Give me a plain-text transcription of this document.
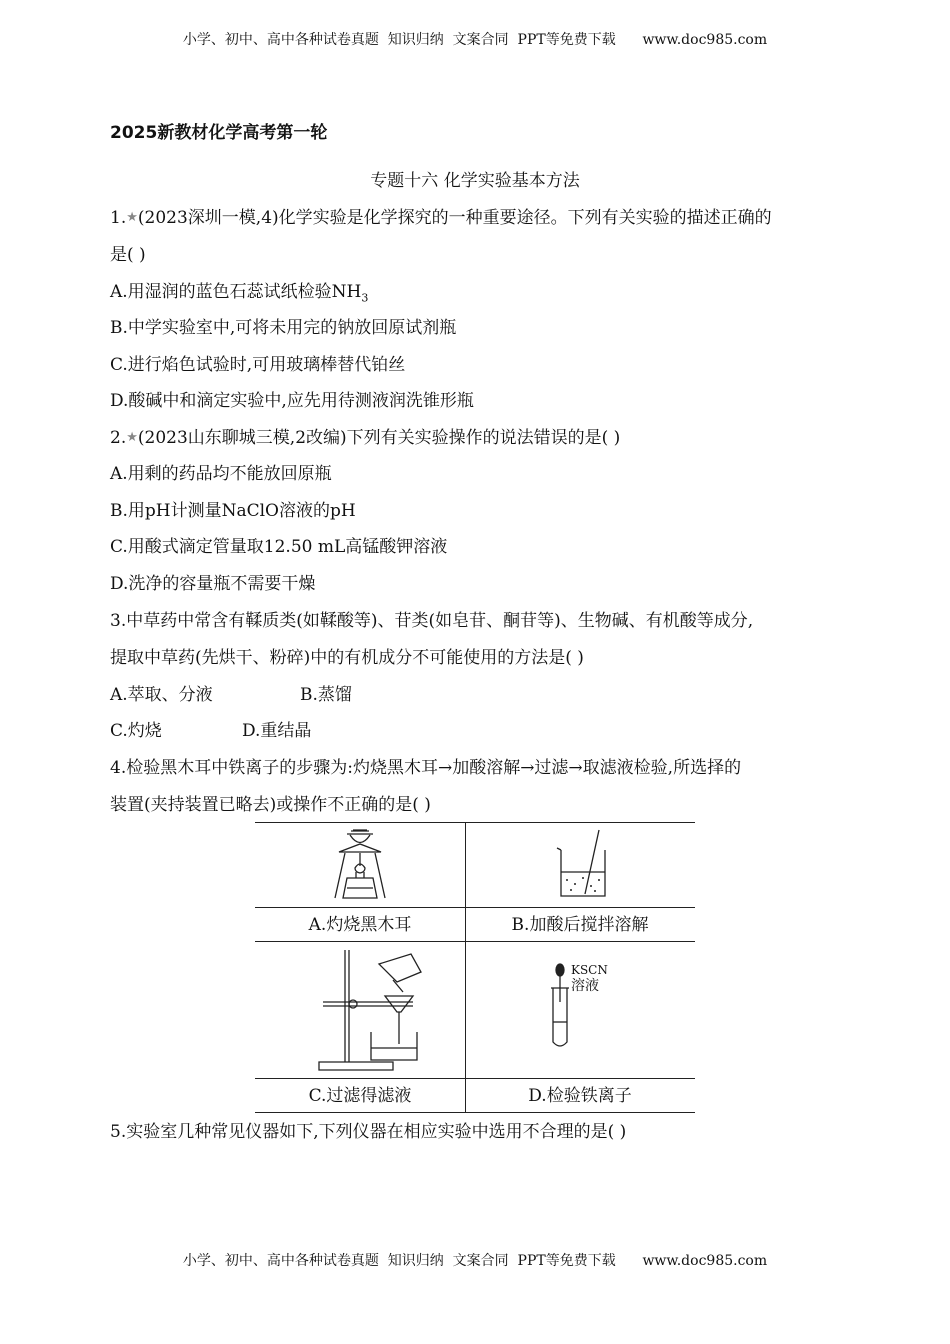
小学、初中、高中各种试卷真题  知识归纳  文案合同  PPT等免费下载      www.doc985.com
2025新教材化学高考第一轮
专题十六 化学实验基本方法
1.★(2023深圳一模,4)化学实验是化学探究的一种重要途径。下列有关实验的描述正确的
是( )
A.用湿润的蓝色石蕊试纸检验$NH_3$
B.中学实验室中,可将未用完的钠放回原试剂瓶
C.进行焰色试验时,可用玻璃棒替代铂丝
D.酸碱中和滴定实验中,应先用待测液润洗锥形瓶
2.★(2023山东聊城三模,2改编)下列有关实验操作的说法错误的是( )
A.用剩的药品均不能放回原瓶
B.用pH计测量NaClO溶液的pH
C.用酸式滴定管量取12.50 mL高锰酸钾溶液
D.洗净的容量瓶不需要干燥
3.中草药中常含有鞣质类(如鞣酸等)、苷类(如皂苷、酮苷等)、生物碱、有机酸等成分,
提取中草药(先烘干、粉碎)中的有机成分不可能使用的方法是( )
A.萃取、分液	B.蒸馏
C.灼烧	D.重结晶
4.检验黑木耳中铁离子的步骤为:灼烧黑木耳→加酸溶解→过滤→取滤液检验,所选择的
装置(夹持装置已略去)或操作不正确的是( )
KSCN
溶液
A.灼烧黑木耳	B.加酸后搅拌溶解
C.过滤得滤液	D.检验铁离子
5.实验室几种常见仪器如下,下列仪器在相应实验中选用不合理的是( )
小学、初中、高中各种试卷真题  知识归纳  文案合同  PPT等免费下载      www.doc985.com
